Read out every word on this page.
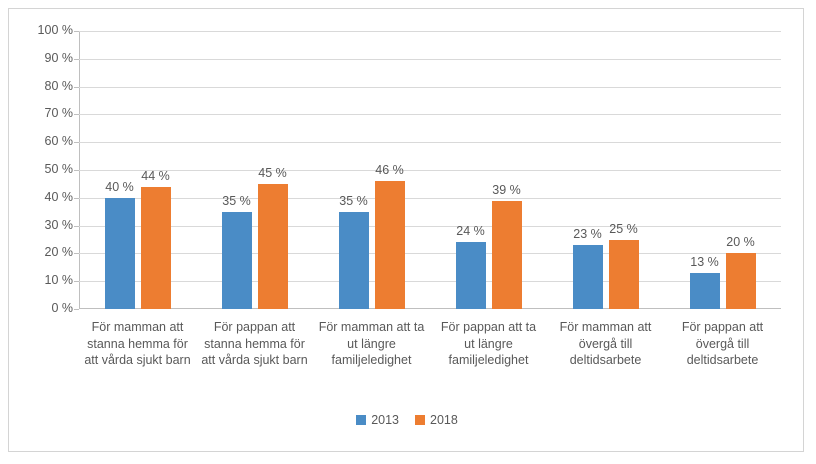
0 %
10 %
20 %
30 %
40 %
50 %
60 %
70 %
80 %
90 %
100 %
40 %
44 %
35 %
45 %
35 %
46 %
24 %
39 %
23 % 25 %
13 %
20 %
För mamman att stanna hemma för att vårda sjukt barn
För pappan att stanna hemma för att vårda sjukt barn
För mamman att ta ut längre familjeledighet
För pappan att ta ut längre familjeledighet
För mamman att övergå till deltidsarbete
För pappan att övergå till deltidsarbete
2013 2018
